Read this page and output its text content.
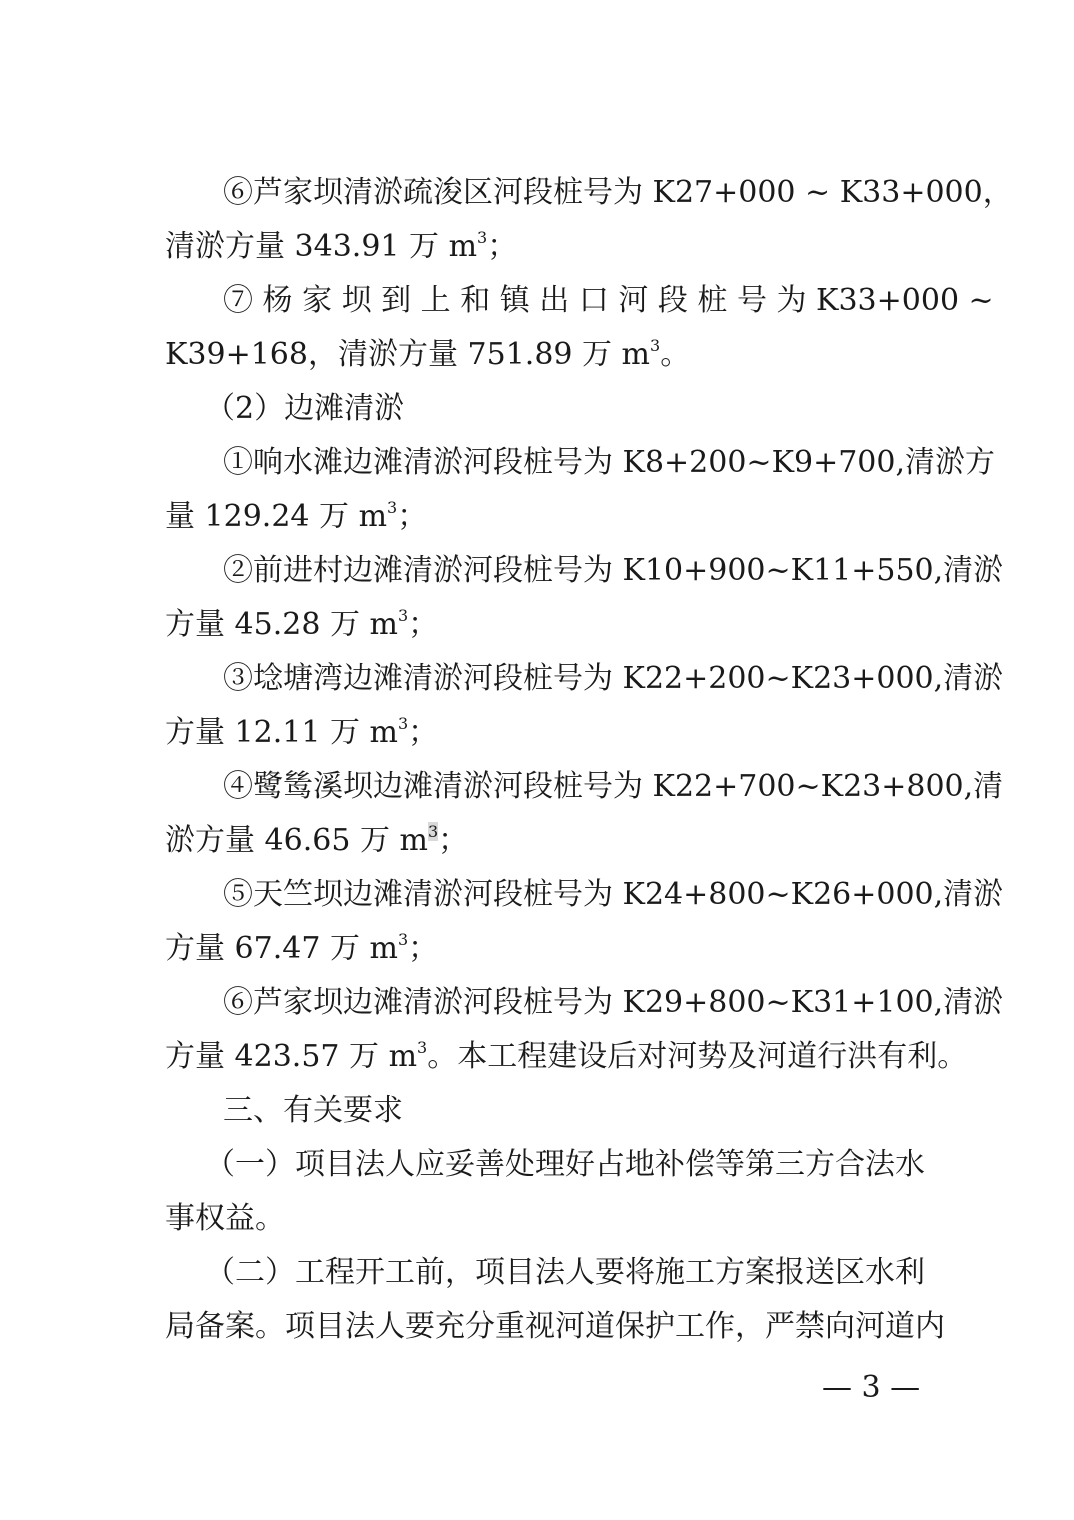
⑥芦家坝清淤疏浚区河段桩号为 K27+000 ~ K33+000，
清淤方量 343.91 万 $m^3$；

⑦ 杨 家 坝 到 上 和 镇 出 口 河 段 桩 号 为 K33+000 ~
K39+168，清淤方量 751.89 万 $m^3$。

（2）边滩清淤

①响水滩边滩清淤河段桩号为 K8+200~K9+700,清淤方
量 129.24 万 $m^3$；

②前进村边滩清淤河段桩号为 K10+900~K11+550,清淤
方量 45.28 万 $m^3$；

③埝塘湾边滩清淤河段桩号为 K22+200~K23+000,清淤
方量 12.11 万 $m^3$；

④鹭鸶溪坝边滩清淤河段桩号为 K22+700~K23+800,清
淤方量 46.65 万 $m^3$；

⑤天竺坝边滩清淤河段桩号为 K24+800~K26+000,清淤
方量 67.47 万 $m^3$；

⑥芦家坝边滩清淤河段桩号为 K29+800~K31+100,清淤
方量 423.57 万 $m^3$。本工程建设后对河势及河道行洪有利。

三、有关要求

（一）项目法人应妥善处理好占地补偿等第三方合法水
事权益。

（二）工程开工前，项目法人要将施工方案报送区水利
局备案。项目法人要充分重视河道保护工作，严禁向河道内

— 3 —
